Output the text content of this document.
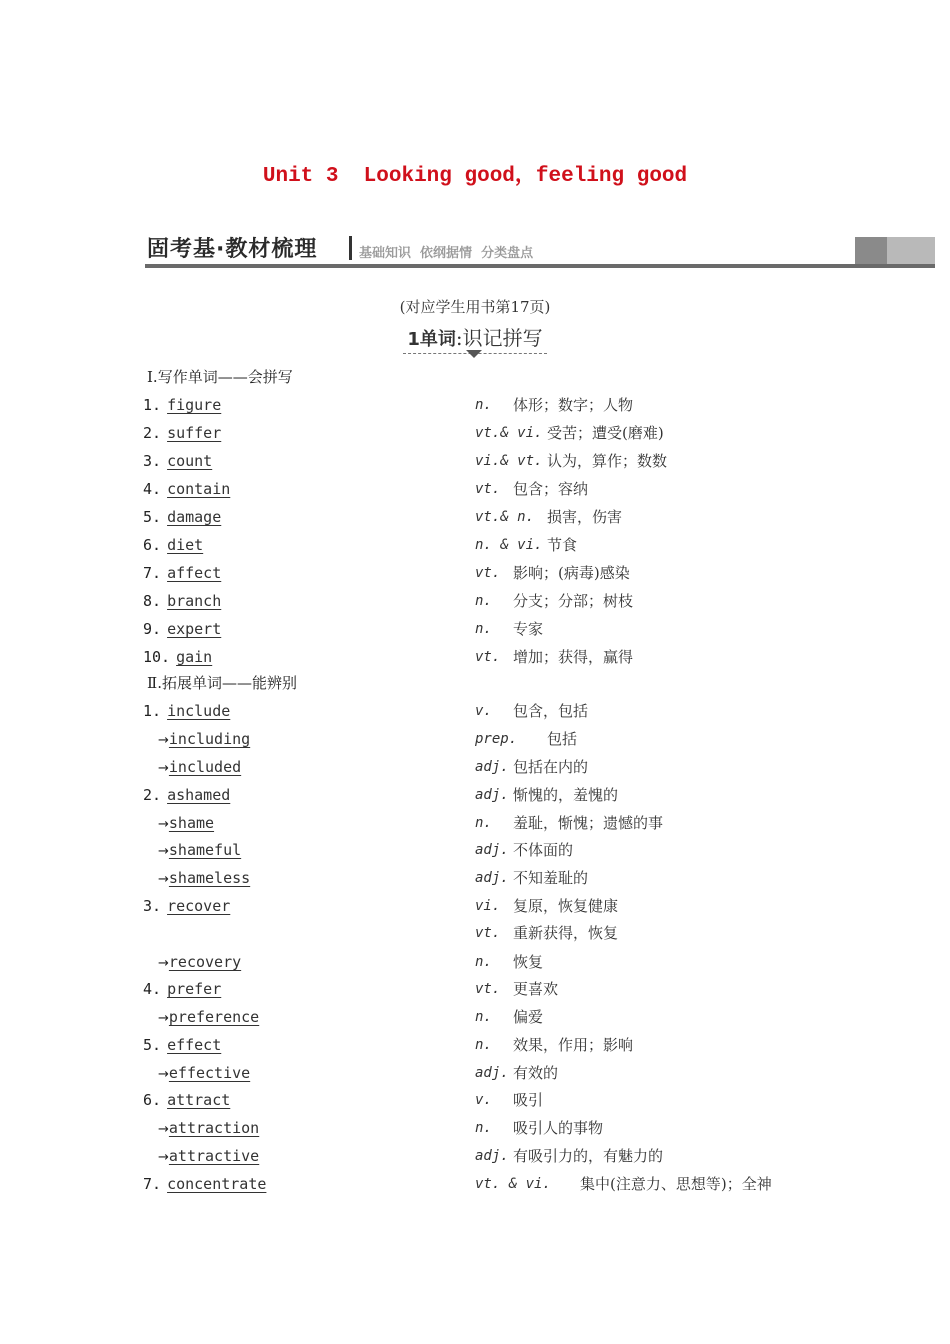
Unit 3  Looking good，feeling good
固考基·教材梳理	基础知识  依纲据情  分类盘点
(对应学生用书第17页)
1单词:识记拼写
Ⅰ.写作单词——会拼写
1. figure	n. 体形；数字；人物
2. suffer	vt.& vi. 受苦；遭受(磨难)
3. count	vi.& vt. 认为，算作；数数
4. contain	vt. 包含；容纳
5. damage	vt.& n. 损害，伤害
6. diet	n. & vi. 节食
7. affect	vt. 影响；(病毒)感染
8. branch	n. 分支；分部；树枝
9. expert	n. 专家
10. gain	vt. 增加；获得，赢得
Ⅱ.拓展单词——能辨别
1. include	v. 包含，包括
→including	prep. 包括
→included	adj. 包括在内的
2. ashamed	adj. 惭愧的，羞愧的
→shame	n. 羞耻，惭愧；遗憾的事
→shameful	adj. 不体面的
→shameless	adj. 不知羞耻的
3. recover	vi. 复原，恢复健康
vt. 重新获得，恢复
→recovery	n. 恢复
4. prefer	vt. 更喜欢
→preference	n. 偏爱
5. effect	n. 效果，作用；影响
→effective	adj. 有效的
6. attract	v. 吸引
→attraction	n. 吸引人的事物
→attractive	adj. 有吸引力的，有魅力的
7. concentrate	vt. & vi. 集中(注意力、思想等)；全神
